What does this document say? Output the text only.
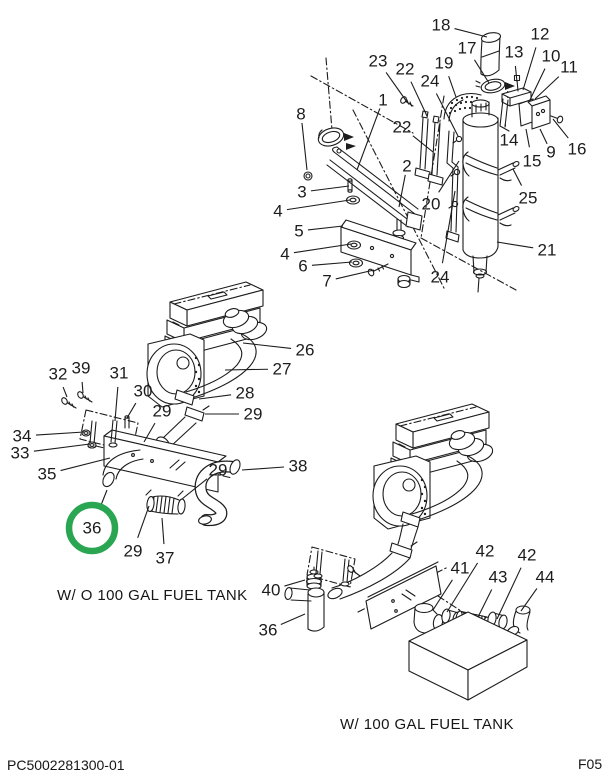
18
17
23 22 19
24
13
12
10
11
8
1
22
2
3
4
5
4
6
7
20
24
14
15 9 16
25
21
26
27
28
29
32 39 31
30
29
34
33
35
29 37
29	38
40
36
41
42
43
42
44
36
W/ O 100 GAL FUEL TANK
W/ 100 GAL FUEL TANK
PC5002281300-01	F05
